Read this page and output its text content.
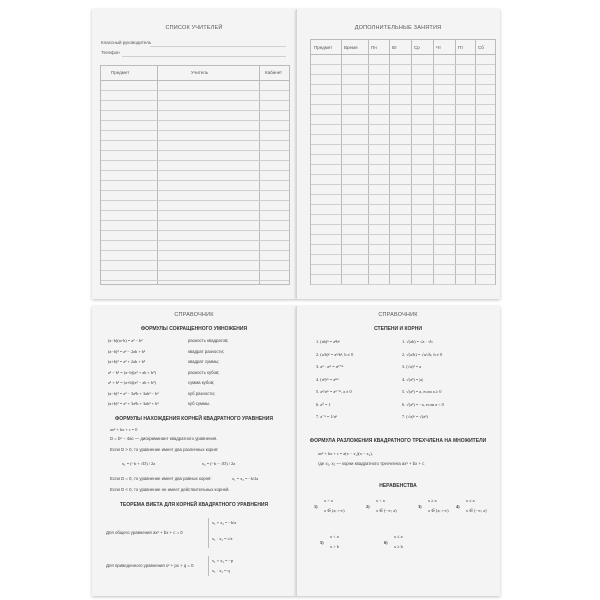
СПИСОК УЧИТЕЛЕЙ
Классный руководитель
Телефон
Предмет	Учитель	Кабинет
ДОПОЛНИТЕЛЬНЫЕ ЗАНЯТИЯ
Предмет	Время	Пн	Вт	Ср	Чт	Пт	Сб
СПРАВОЧНИК
ФОРМУЛЫ СОКРАЩЕННОГО УМНОЖЕНИЯ
(a−b)(a+b) = a² − b²	разность квадратов;
(a−b)² = a² − 2ab + b²	квадрат разности;
(a+b)² = a² + 2ab + b²	квадрат суммы;
a³ − b³ = (a−b)(a² + ab + b²)	разность кубов;
a³ + b³ = (a+b)(a² − ab + b²)	сумма кубов;
(a−b)³ = a³ − 3a²b + 3ab² − b³	куб разности;
(a+b)³ = a³ + 3a²b + 3ab² + b³	куб суммы.
ФОРМУЛЫ НАХОЖДЕНИЯ КОРНЕЙ КВАДРАТНОГО УРАВНЕНИЯ
ax² + bx + c = 0
D = b² − 4ac — дискриминант квадратного уравнения.
Если D > 0, то уравнение имеет два различных корня:
x₁ = (−b + √D) / 2a	x₂ = (−b − √D) / 2a
Если D = 0, то уравнение имеет два равных корня:	x₁ = x₂ = −b/2a
Если D < 0, то уравнение не имеет действительных корней.
ТЕОРЕМА ВИЕТА ДЛЯ КОРНЕЙ КВАДРАТНОГО УРАВНЕНИЯ
Для общего уравнения ax² + bx + c = 0
x₁ + x₂ = −b/a
x₁ · x₂ = c/a
Для приведенного уравнения x² + px + q = 0
x₁ + x₂ = −p
x₁ · x₂ = q
СПРАВОЧНИК
СТЕПЕНИ И КОРНИ
1. (ab)ⁿ = aⁿbⁿ
2. (a/b)ⁿ = aⁿ/bⁿ, b ≠ 0
3. aⁿ · aᵐ = aⁿ⁺ᵐ
4. (aⁿ)ᵐ = aⁿᵐ
5. aⁿ/aᵐ = aⁿ⁻ᵐ, a ≠ 0
6. a⁰ = 1
7. a⁻ⁿ = 1/aⁿ
1. √(ab) = √a · √b
2. √(a/b) = √a/√b, b ≠ 0
3. (√a)² = a
4. √(a²) = |a|
5. √(a²) = a, если a ≥ 0
6. √(a²) = −a, если a < 0
7. (√a)ⁿ = √(aⁿ)
ФОРМУЛА РАЗЛОЖЕНИЯ КВАДРАТНОГО ТРЕХЧЛЕНА НА МНОЖИТЕЛИ
ax² + bx + c = a(x − x₁)(x − x₂),
где x₁, x₂ — корни квадратного трехчлена ax² + bx + c
НЕРАВЕНСТВА
1)
x > a
x ∈ (a; +∞)
2)
x < a
x ∈ (−∞; a)
3)
x ≥ a
x ∈ [a; +∞)
4)
x ≤ a
x ∈ (−∞; a]
5)
x < a
x > b
6)
x ≤ a
x ≥ b
